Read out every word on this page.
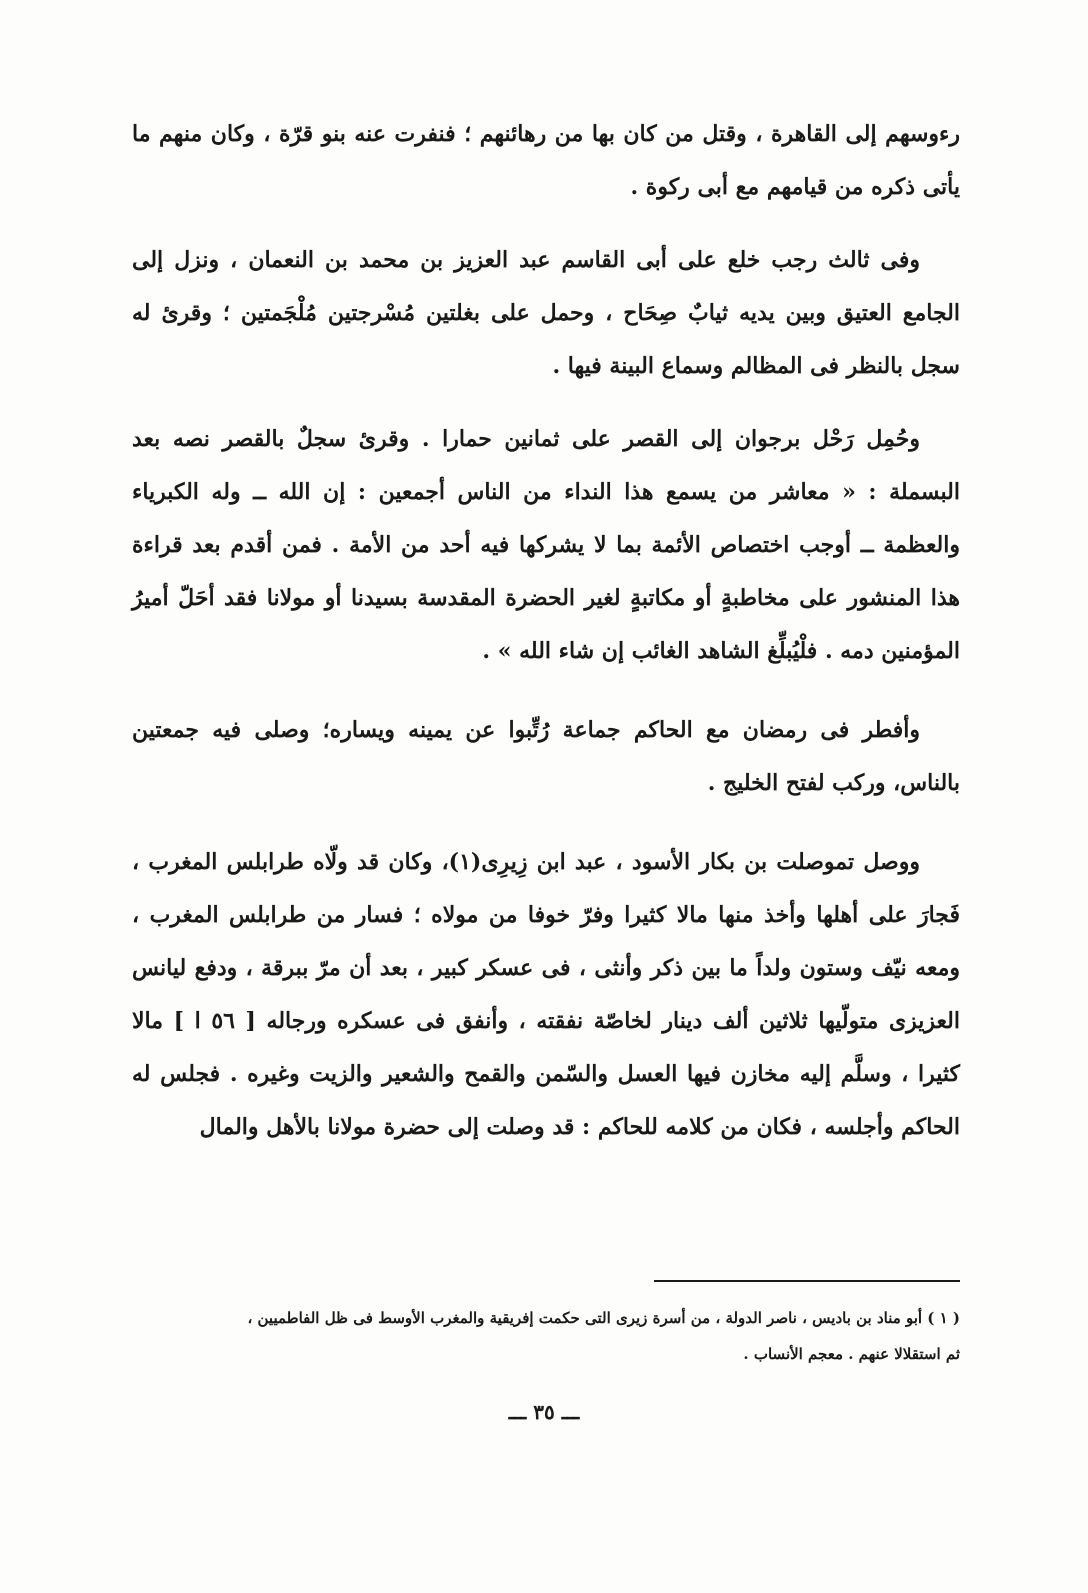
رءوسهم إلى القاهرة ، وقتل من كان بها من رهائنهم ؛ فنفرت عنه بنو قرّة ، وكان منهم ما يأتى ذكره من قيامهم مع أبى ركوة .

وفى ثالث رجب خلع على أبى القاسم عبد العزيز بن محمد بن النعمان ، ونزل إلى الجامع العتيق وبين يديه ثيابٌ صِحَاح ، وحمل على بغلتين مُسْرجتين مُلْجَمتين ؛ وقرئ له سجل بالنظر فى المظالم وسماع البينة فيها .

وحُمِل رَحْل برجوان إلى القصر على ثمانين حمارا . وقرئ سجلٌ بالقصر نصه بعد البسملة : « معاشر من يسمع هذا النداء من الناس أجمعين : إن الله ــ وله الكبرياء والعظمة ــ أوجب اختصاص الأئمة بما لا يشركها فيه أحد من الأمة . فمن أقدم بعد قراءة هذا المنشور على مخاطبةٍ أو مكاتبةٍ لغير الحضرة المقدسة بسيدنا أو مولانا فقد أحَلّ أميرُ المؤمنين دمه . فلْيُبلِّغ الشاهد الغائب إن شاء الله » .

وأفطر فى رمضان مع الحاكم جماعة رُتِّبوا عن يمينه ويساره؛ وصلى فيه جمعتين بالناس، وركب لفتح الخليج .

ووصل تموصلت بن بكار الأسود ، عبد ابن زِيرِى(١)، وكان قد ولّاه طرابلس المغرب ، فَجارَ على أهلها وأخذ منها مالا كثيرا وفرّ خوفا من مولاه ؛ فسار من طرابلس المغرب ، ومعه نيّف وستون ولداً ما بين ذكر وأنثى ، فى عسكر كبير ، بعد أن مرّ ببرقة ، ودفع ليانس العزيزى متولّيها ثلاثين ألف دينار لخاصّة نفقته ، وأنفق فى عسكره ورجاله [ ٥٦ ا ] مالا كثيرا ، وسلَّم إليه مخازن فيها العسل والسّمن والقمح والشعير والزيت وغيره . فجلس له الحاكم وأجلسه ، فكان من كلامه للحاكم : قد وصلت إلى حضرة مولانا بالأهل والمال

( ١ ) أبو مناد بن باديس ، ناصر الدولة ، من أسرة زيرى التى حكمت إفريقية والمغرب الأوسط فى ظل الفاطميين ،

ثم استقلالا عنهم . معجم الأنساب .

ـــ ٣٥ ـــ
